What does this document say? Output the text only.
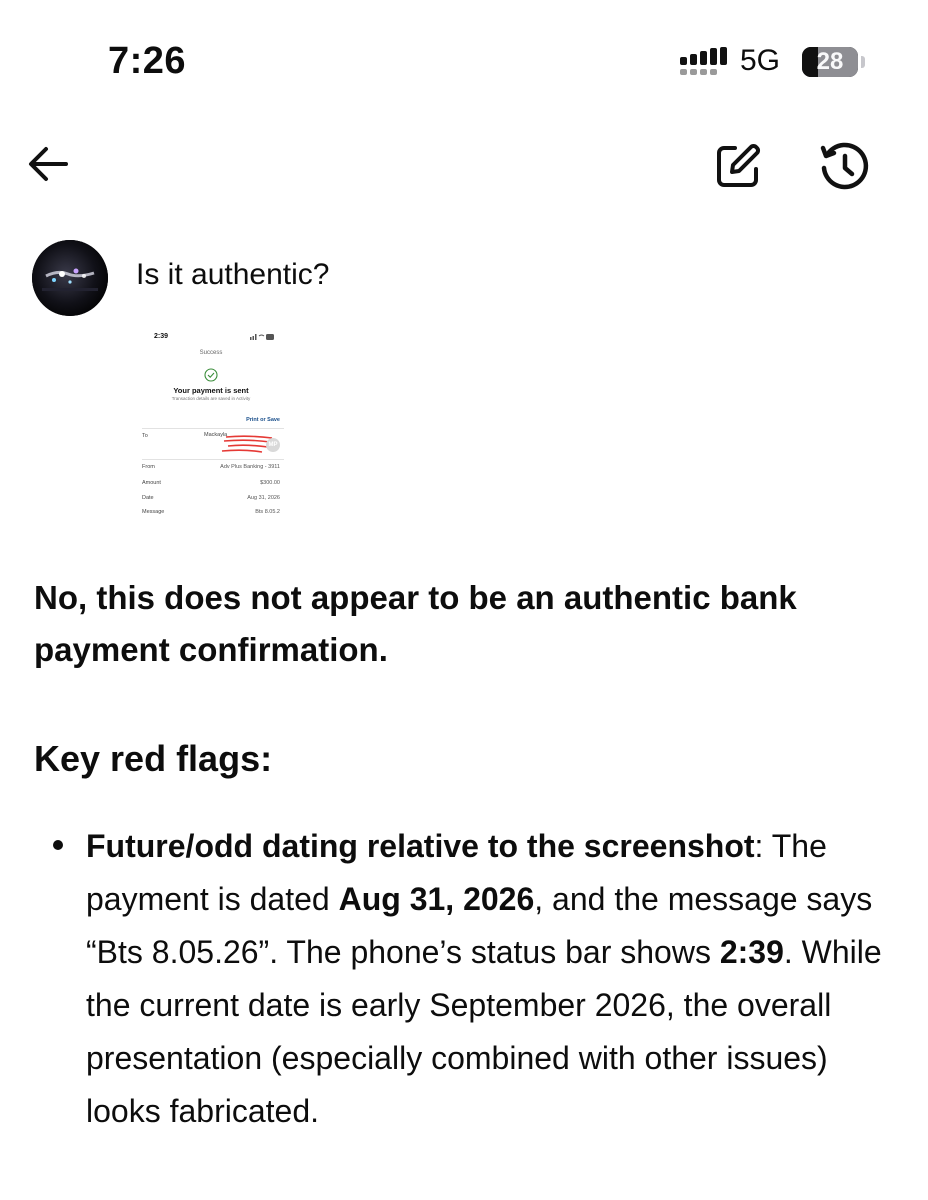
7:26	5G	28
Is it authentic?
2:39
Success
Your payment is sent
Transaction details are saved in Activity
Print or Save
To	Mackayla
MP
From	Adv Plus Banking - 3911
Amount	$300.00
Date	Aug 31, 2026
Message	Bts 8.05.2
No, this does not appear to be an authentic bank payment confirmation.
Key red flags:
Future/odd dating relative to the screenshot: The payment is dated Aug 31, 2026, and the message says “Bts 8.05.26”. The phone’s status bar shows 2:39. While the current date is early September 2026, the overall presentation (especially combined with other issues) looks fabricated.
